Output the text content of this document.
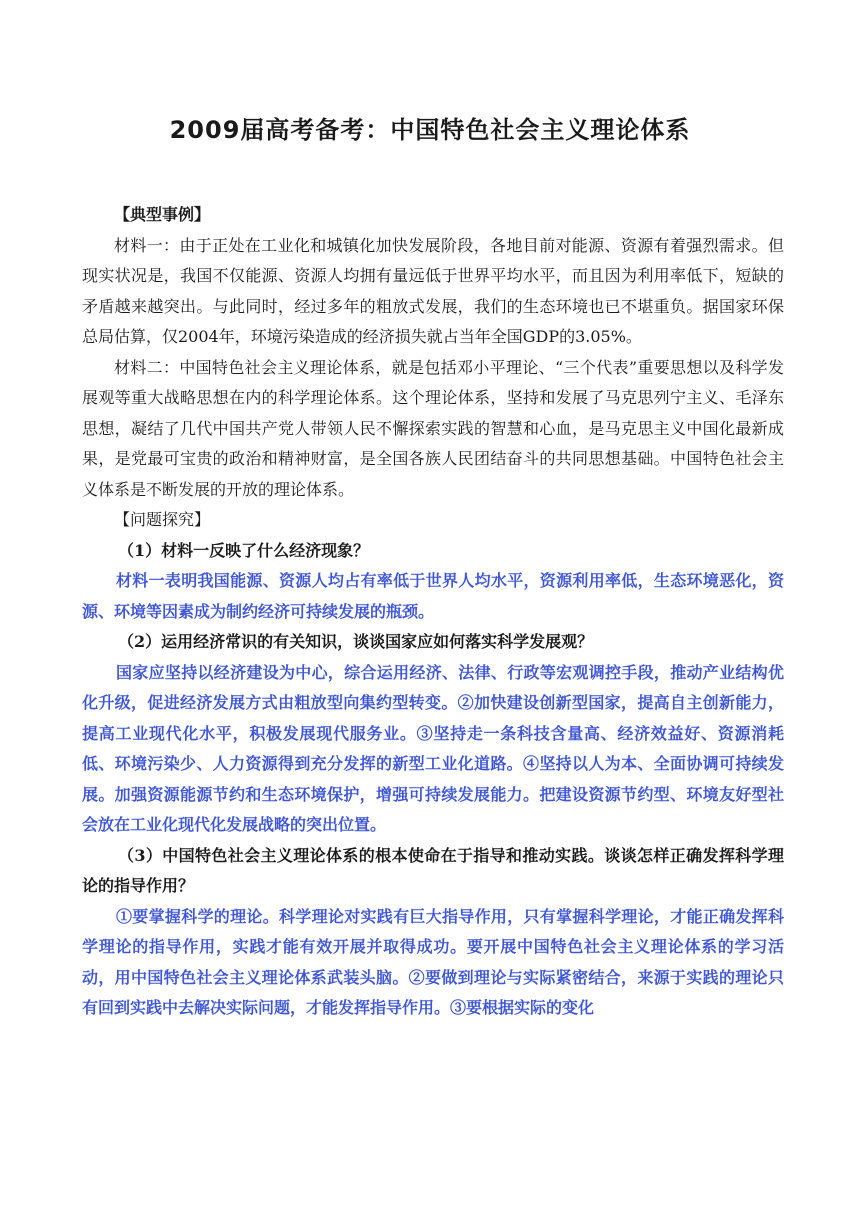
2009届高考备考：中国特色社会主义理论体系

【典型事例】

材料一：由于正处在工业化和城镇化加快发展阶段，各地目前对能源、资源有着强烈需求。但现实状况是，我国不仅能源、资源人均拥有量远低于世界平均水平，而且因为利用率低下，短缺的矛盾越来越突出。与此同时，经过多年的粗放式发展，我们的生态环境也已不堪重负。据国家环保总局估算，仅2004年，环境污染造成的经济损失就占当年全国GDP的3.05%。

材料二：中国特色社会主义理论体系，就是包括邓小平理论、“三个代表”重要思想以及科学发展观等重大战略思想在内的科学理论体系。这个理论体系，坚持和发展了马克思列宁主义、毛泽东思想，凝结了几代中国共产党人带领人民不懈探索实践的智慧和心血，是马克思主义中国化最新成果，是党最可宝贵的政治和精神财富，是全国各族人民团结奋斗的共同思想基础。中国特色社会主义体系是不断发展的开放的理论体系。

【问题探究】

（1）材料一反映了什么经济现象？

材料一表明我国能源、资源人均占有率低于世界人均水平，资源利用率低，生态环境恶化，资源、环境等因素成为制约经济可持续发展的瓶颈。

（2）运用经济常识的有关知识，谈谈国家应如何落实科学发展观？

国家应坚持以经济建设为中心，综合运用经济、法律、行政等宏观调控手段，推动产业结构优化升级，促进经济发展方式由粗放型向集约型转变。②加快建设创新型国家，提高自主创新能力，提高工业现代化水平，积极发展现代服务业。③坚持走一条科技含量高、经济效益好、资源消耗低、环境污染少、人力资源得到充分发挥的新型工业化道路。④坚持以人为本、全面协调可持续发展。加强资源能源节约和生态环境保护，增强可持续发展能力。把建设资源节约型、环境友好型社会放在工业化现代化发展战略的突出位置。

（3）中国特色社会主义理论体系的根本使命在于指导和推动实践。谈谈怎样正确发挥科学理论的指导作用？

①要掌握科学的理论。科学理论对实践有巨大指导作用，只有掌握科学理论，才能正确发挥科学理论的指导作用，实践才能有效开展并取得成功。要开展中国特色社会主义理论体系的学习活动，用中国特色社会主义理论体系武装头脑。②要做到理论与实际紧密结合，来源于实践的理论只有回到实践中去解决实际问题，才能发挥指导作用。③要根据实际的变化
